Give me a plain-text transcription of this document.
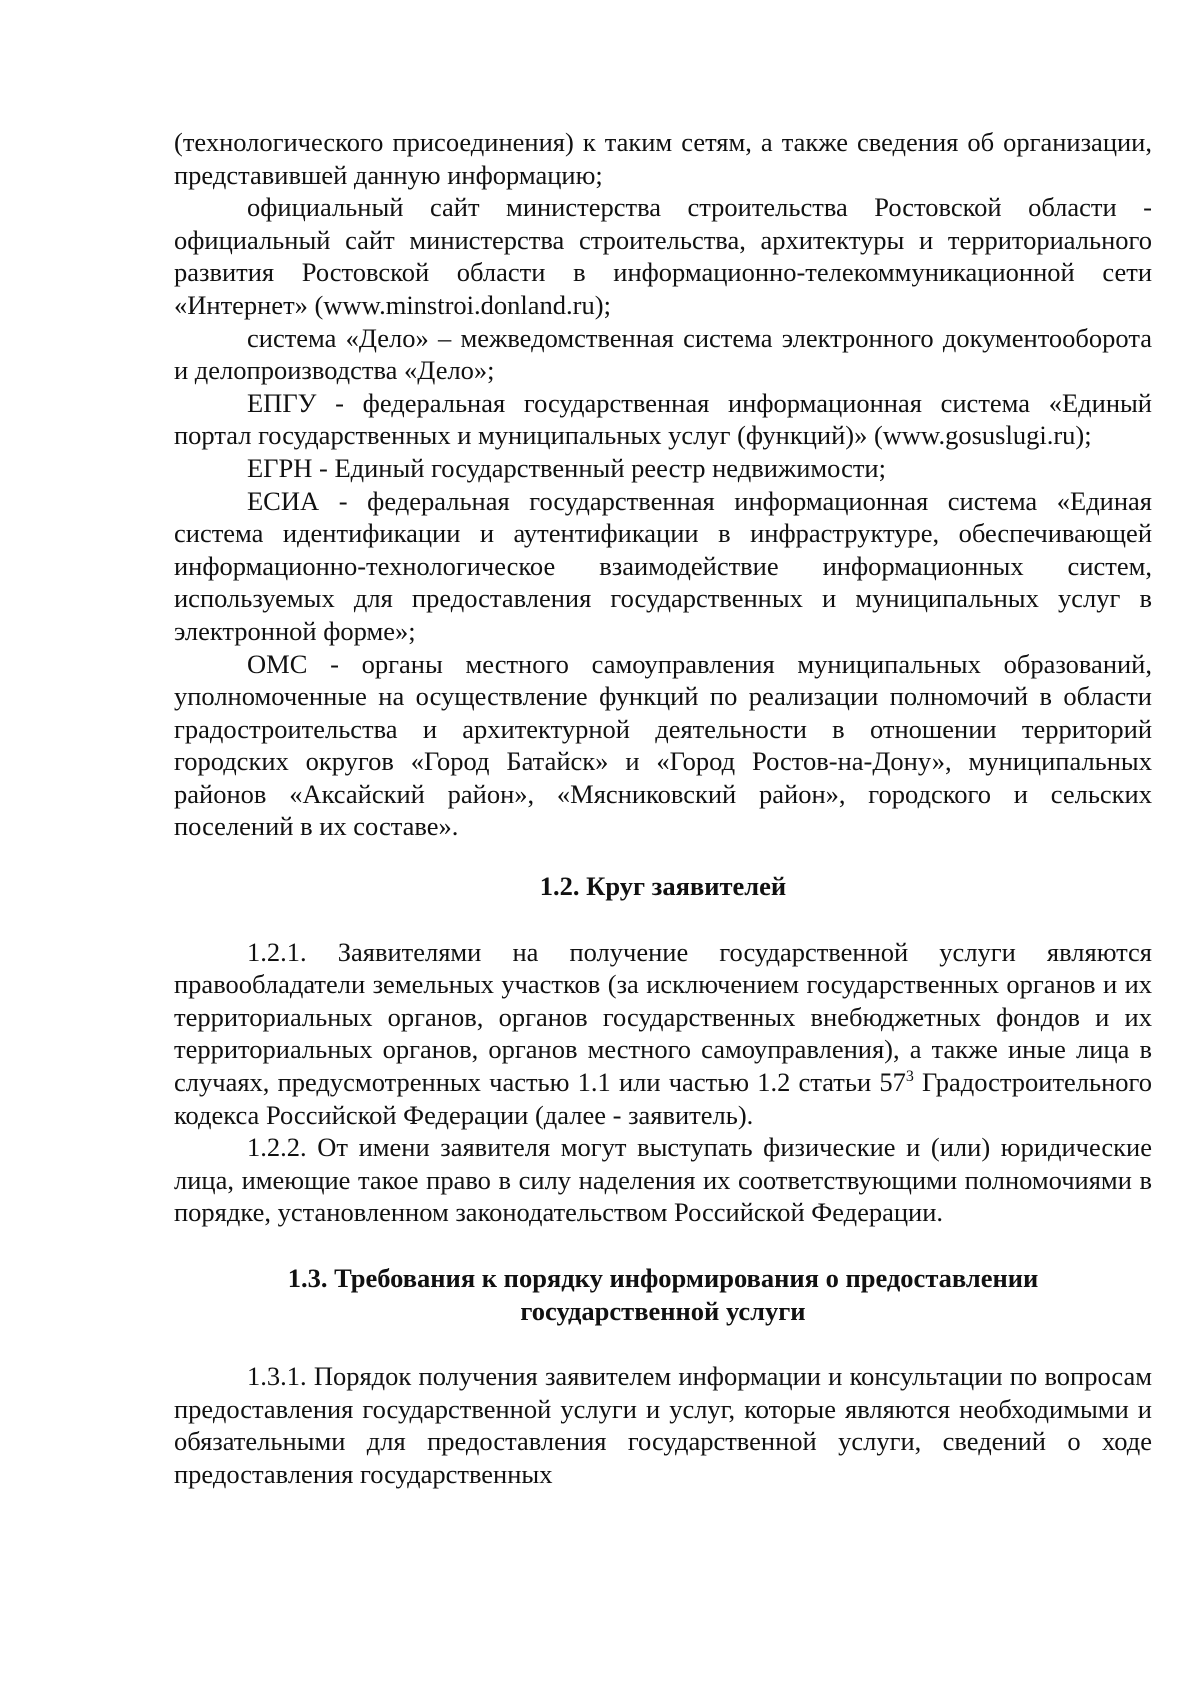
(технологического присоединения) к таким сетям, а также сведения об организации, представившей данную информацию;

официальный сайт министерства строительства Ростовской области - официальный сайт министерства строительства, архитектуры и территориального развития Ростовской области в информационно-телекоммуникационной сети «Интернет» (www.minstroi.donland.ru);

система «Дело» – межведомственная система электронного документооборота и делопроизводства «Дело»;

ЕПГУ - федеральная государственная информационная система «Единый портал государственных и муниципальных услуг (функций)» (www.gosuslugi.ru);

ЕГРН - Единый государственный реестр недвижимости;

ЕСИА - федеральная государственная информационная система «Единая система идентификации и аутентификации в инфраструктуре, обеспечивающей информационно-технологическое взаимодействие информационных систем, используемых для предоставления государственных и муниципальных услуг в электронной форме»;

ОМС - органы местного самоуправления муниципальных образований, уполномоченные на осуществление функций по реализации полномочий в области градостроительства и архитектурной деятельности в отношении территорий городских округов «Город Батайск» и «Город Ростов-на-Дону», муниципальных районов «Аксайский район», «Мясниковский район», городского и сельских поселений в их составе».

1.2. Круг заявителей

1.2.1. Заявителями на получение государственной услуги являются правообладатели земельных участков (за исключением государственных органов и их территориальных органов, органов государственных внебюджетных фондов и их территориальных органов, органов местного самоуправления), а также иные лица в случаях, предусмотренных частью 1.1 или частью 1.2 статьи $57^3$ Градостроительного кодекса Российской Федерации (далее - заявитель).

1.2.2. От имени заявителя могут выступать физические и (или) юридические лица, имеющие такое право в силу наделения их соответствующими полномочиями в порядке, установленном законодательством Российской Федерации.

1.3. Требования к порядку информирования о предоставлении
государственной услуги

1.3.1. Порядок получения заявителем информации и консультации по вопросам предоставления государственной услуги и услуг, которые являются необходимыми и обязательными для предоставления государственной услуги, сведений о ходе предоставления государственных
